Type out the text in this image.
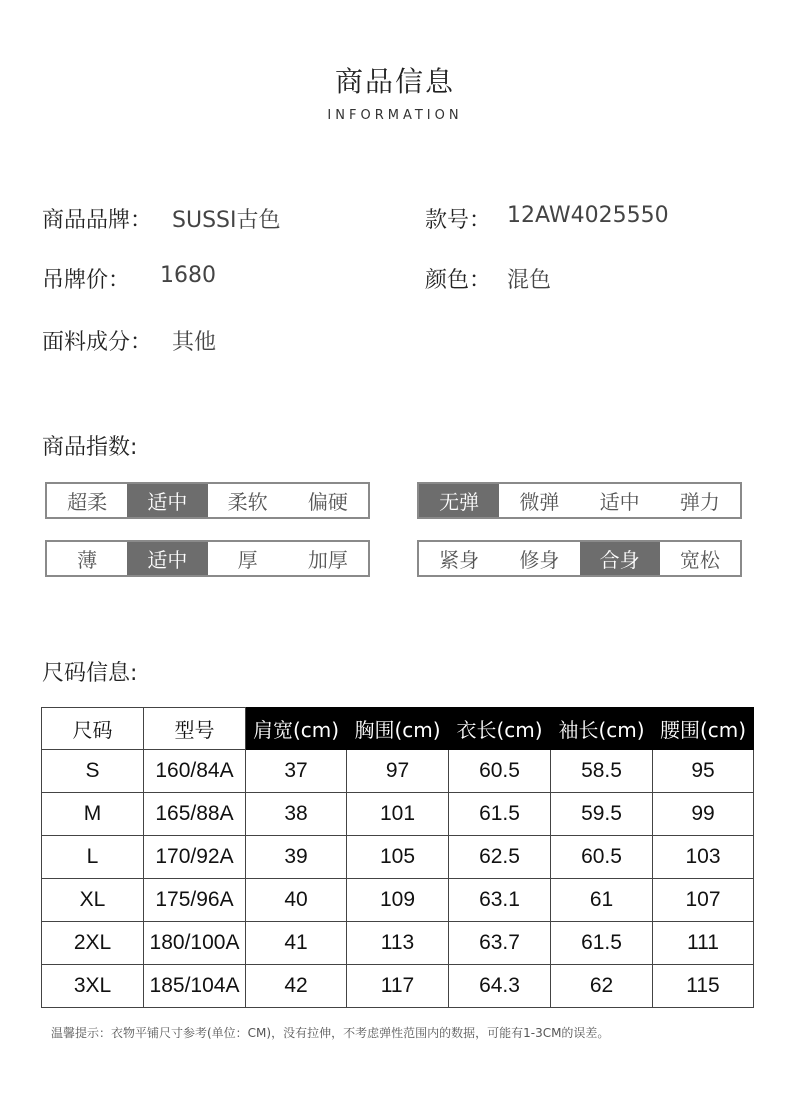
商品信息
INFORMATION
商品品牌： SUSSI古色	款号： 12AW4025550
吊牌价： 1680	颜色： 混色
面料成分： 其他
商品指数:
超柔	适中	柔软	偏硬	无弹	微弹	适中	弹力
薄	适中	厚	加厚	紧身	修身	合身	宽松
尺码信息:
尺码	型号	肩宽(cm)	胸围(cm)	衣长(cm)	袖长(cm)	腰围(cm)
S	160/84A	37	97	60.5	58.5	95
M	165/88A	38	101	61.5	59.5	99
L	170/92A	39	105	62.5	60.5	103
XL	175/96A	40	109	63.1	61	107
2XL	180/100A	41	113	63.7	61.5	111
3XL	185/104A	42	117	64.3	62	115
温馨提示：衣物平铺尺寸参考(单位：CM)，没有拉伸，不考虑弹性范围内的数据，可能有1-3CM的误差。
